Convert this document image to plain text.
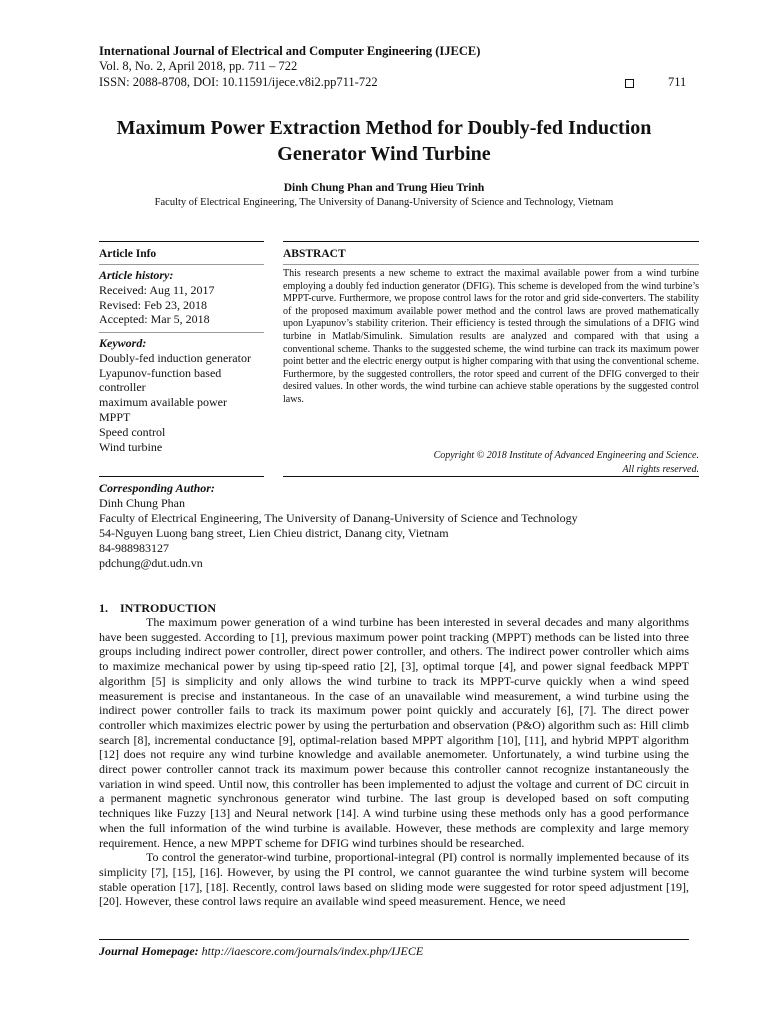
International Journal of Electrical and Computer Engineering (IJECE)
Vol. 8, No. 2, April 2018, pp. 711 – 722
ISSN: 2088-8708, DOI: 10.11591/ijece.v8i2.pp711-722	711
Maximum Power Extraction Method for Doubly-fed Induction
Generator Wind Turbine
Dinh Chung Phan and Trung Hieu Trinh
Faculty of Electrical Engineering, The University of Danang-University of Science and Technology, Vietnam
Article Info	ABSTRACT
Article history:
Received: Aug 11, 2017
Revised: Feb 23, 2018
Accepted: Mar 5, 2018
Keyword:
Doubly-fed induction generator
Lyapunov-function based
controller
maximum available power
MPPT
Speed control
Wind turbine

This research presents a new scheme to extract the maximal available power from a wind turbine employing a doubly fed induction generator (DFIG). This scheme is developed from the wind turbine’s MPPT-curve. Furthermore, we propose control laws for the rotor and grid side-converters. The stability of the proposed maximum available power method and the control laws are proved mathematically upon Lyapunov’s stability criterion. Their efficiency is tested through the simulations of a DFIG wind turbine in Matlab/Simulink. Simulation results are analyzed and compared with that using a conventional scheme. Thanks to the suggested scheme, the wind turbine can track its maximum power point better and the electric energy output is higher comparing with that using the conventional scheme. Furthermore, by the suggested controllers, the rotor speed and current of the DFIG converged to their desired values. In other words, the wind turbine can achieve stable operations by the suggested control laws.

Copyright © 2018 Institute of Advanced Engineering and Science.
All rights reserved.
Corresponding Author:
Dinh Chung Phan
Faculty of Electrical Engineering, The University of Danang-University of Science and Technology
54-Nguyen Luong bang street, Lien Chieu district, Danang city, Vietnam
84-988983127
pdchung@dut.udn.vn
1.    INTRODUCTION

The maximum power generation of a wind turbine has been interested in several decades and many algorithms have been suggested. According to [1], previous maximum power point tracking (MPPT) methods can be listed into three groups including indirect power controller, direct power controller, and others. The indirect power controller which aims to maximize mechanical power by using tip-speed ratio [2], [3], optimal torque [4], and power signal feedback MPPT algorithm [5] is simplicity and only allows the wind turbine to track its MPPT-curve quickly when a wind speed measurement is precise and instantaneous. In the case of an unavailable wind measurement, a wind turbine using the indirect power controller fails to track its maximum power point quickly and accurately [6], [7]. The direct power controller which maximizes electric power by using the perturbation and observation (P&O) algorithm such as: Hill climb search [8], incremental conductance [9], optimal-relation based MPPT algorithm [10], [11], and hybrid MPPT algorithm [12] does not require any wind turbine knowledge and available anemometer. Unfortunately, a wind turbine using the direct power controller cannot track its maximum power because this controller cannot recognize instantaneously the variation in wind speed. Until now, this controller has been implemented to adjust the voltage and current of DC circuit in a permanent magnetic synchronous generator wind turbine. The last group is developed based on soft computing techniques like Fuzzy [13] and Neural network [14]. A wind turbine using these methods only has a good performance when the full information of the wind turbine is available. However, these methods are complexity and large memory requirement. Hence, a new MPPT scheme for DFIG wind turbines should be researched.

To control the generator-wind turbine, proportional-integral (PI) control is normally implemented because of its simplicity [7], [15], [16]. However, by using the PI control, we cannot guarantee the wind turbine system will become stable operation [17], [18]. Recently, control laws based on sliding mode were suggested for rotor speed adjustment [19], [20]. However, these control laws require an available wind speed measurement. Hence, we need

Journal Homepage: http://iaescore.com/journals/index.php/IJECE
